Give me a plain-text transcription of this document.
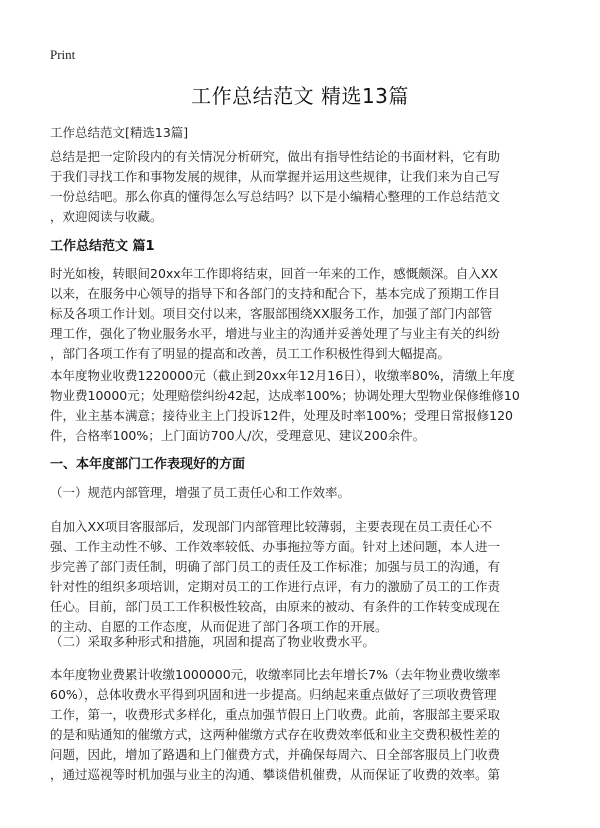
Print
工作总结范文 精选13篇
工作总结范文[精选13篇]
总结是把一定阶段内的有关情况分析研究，做出有指导性结论的书面材料，它有助
于我们寻找工作和事物发展的规律，从而掌握并运用这些规律，让我们来为自己写
一份总结吧。那么你真的懂得怎么写总结吗？以下是小编精心整理的工作总结范文
，欢迎阅读与收藏。
工作总结范文 篇1
时光如梭，转眼间20xx年工作即将结束，回首一年来的工作，感慨颇深。自入XX
以来，在服务中心领导的指导下和各部门的支持和配合下，基本完成了预期工作目
标及各项工作计划。项目交付以来，客服部围绕XX服务工作，加强了部门内部管
理工作，强化了物业服务水平，增进与业主的沟通并妥善处理了与业主有关的纠纷
，部门各项工作有了明显的提高和改善，员工工作积极性得到大幅提高。
本年度物业收费1220000元（截止到20xx年12月16日），收缴率80%，清缴上年度
物业费10000元；处理赔偿纠纷42起，达成率100%；协调处理大型物业保修维修10
件，业主基本满意；接待业主上门投诉12件，处理及时率100%；受理日常报修120
件，合格率100%；上门面访700人/次，受理意见、建议200余件。
一、本年度部门工作表现好的方面
（一）规范内部管理，增强了员工责任心和工作效率。
自加入XX项目客服部后，发现部门内部管理比较薄弱，主要表现在员工责任心不
强、工作主动性不够、工作效率较低、办事拖拉等方面。针对上述问题，本人进一
步完善了部门责任制，明确了部门员工的责任及工作标准；加强与员工的沟通，有
针对性的组织多项培训，定期对员工的工作进行点评，有力的激励了员工的工作责
任心。目前，部门员工工作积极性较高，由原来的被动、有条件的工作转变成现在
的主动、自愿的工作态度，从而促进了部门各项工作的开展。
（二）采取多种形式和措施，巩固和提高了物业收费水平。
本年度物业费累计收缴1000000元，收缴率同比去年增长7%（去年物业费收缴率
60%），总体收费水平得到巩固和进一步提高。归纳起来重点做好了三项收费管理
工作，第一，收费形式多样化，重点加强节假日上门收费。此前，客服部主要采取
的是和贴通知的催缴方式，这两种催缴方式存在收费效率低和业主交费积极性差的
问题，因此，增加了路遇和上门催费方式，并确保每周六、日全部客服员上门收费
，通过巡视等时机加强与业主的沟通、攀谈借机催费，从而保证了收费的效率。第
